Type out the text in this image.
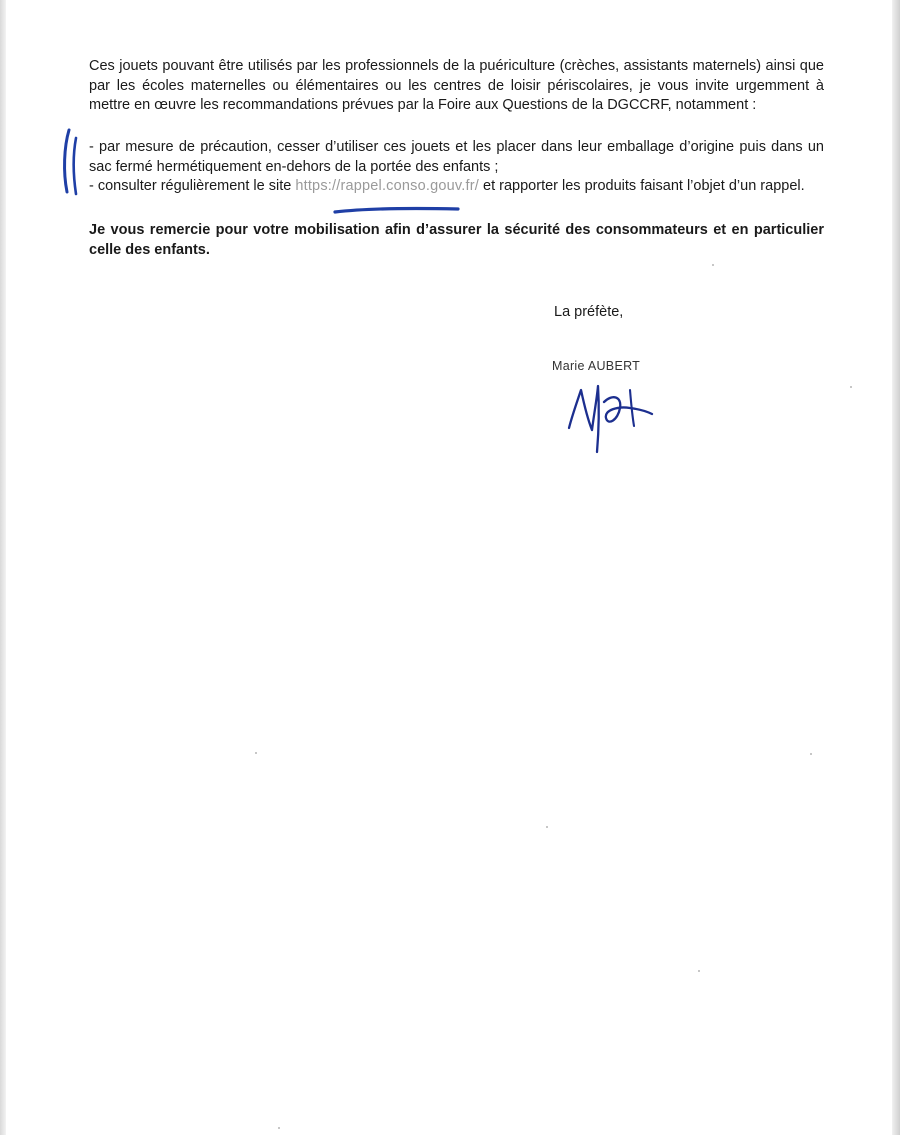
Ces jouets pouvant être utilisés par les professionnels de la puériculture (crèches, assistants maternels) ainsi que par les écoles maternelles ou élémentaires ou les centres de loisir périscolaires, je vous invite urgemment à mettre en œuvre les recommandations prévues par la Foire aux Questions de la DGCCRF, notamment :

- par mesure de précaution, cesser d’utiliser ces jouets et les placer dans leur emballage d’origine puis dans un sac fermé hermétiquement en-dehors de la portée des enfants ;
- consulter régulièrement le site https://rappel.conso.gouv.fr/ et rapporter les produits faisant l’objet d’un rappel.

Je vous remercie pour votre mobilisation afin d’assurer la sécurité des consommateurs et en particulier celle des enfants.

La préfète,
Marie AUBERT
